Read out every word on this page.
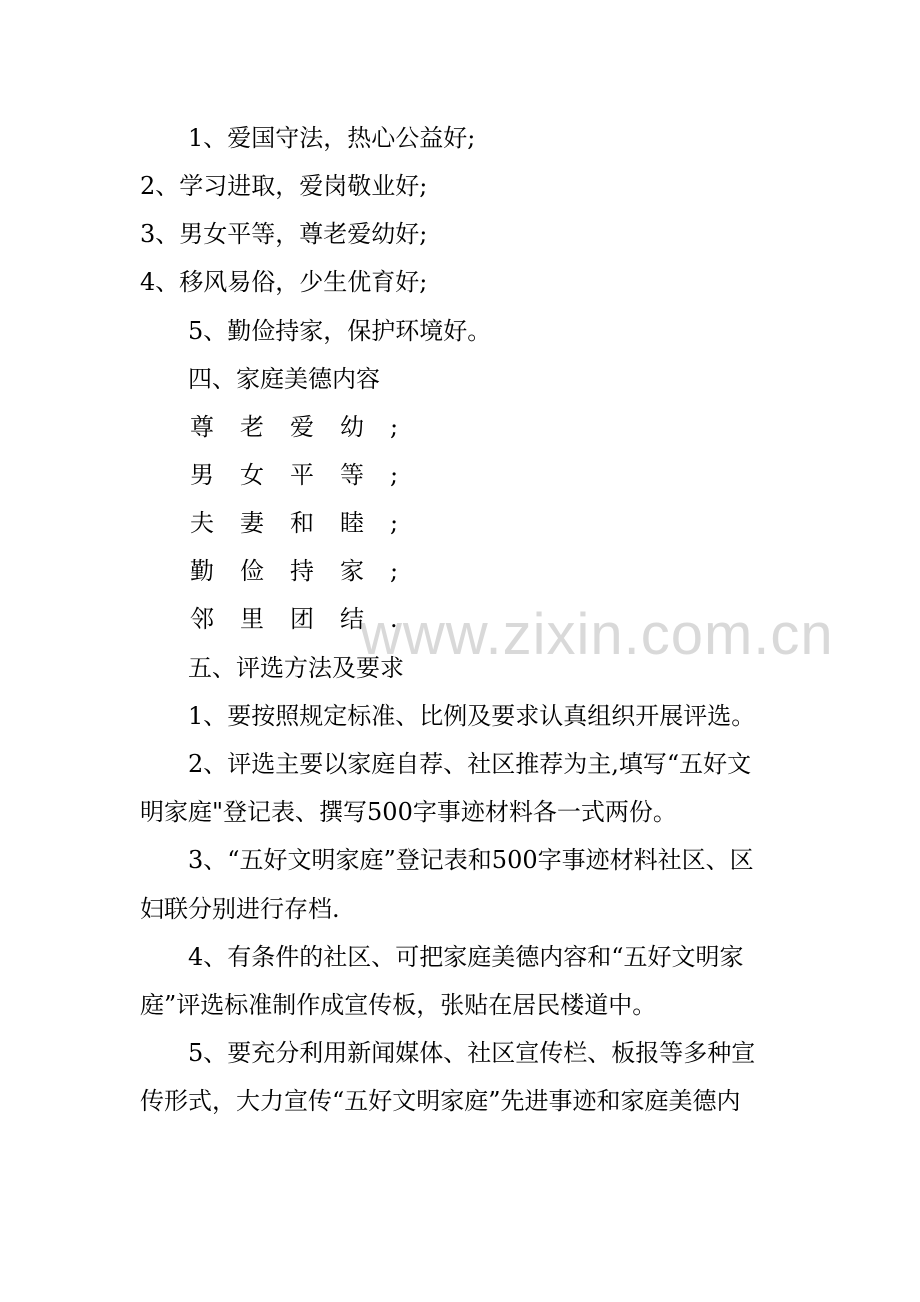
www.zixin.com.cn
1、爱国守法，热心公益好;
2、学习进取，爱岗敬业好;
3、男女平等，尊老爱幼好;
4、移风易俗，少生优育好;
5、勤俭持家，保护环境好。
四、家庭美德内容
尊老爱幼;
男女平等;
夫妻和睦;
勤俭持家;
邻里团结.
五、评选方法及要求
1、要按照规定标准、比例及要求认真组织开展评选。
2、评选主要以家庭自荐、社区推荐为主,填写“五好文
明家庭"登记表、撰写500字事迹材料各一式两份。
3、“五好文明家庭”登记表和500字事迹材料社区、区
妇联分别进行存档.
4、有条件的社区、可把家庭美德内容和“五好文明家
庭”评选标准制作成宣传板，张贴在居民楼道中。
5、要充分利用新闻媒体、社区宣传栏、板报等多种宣
传形式，大力宣传“五好文明家庭”先进事迹和家庭美德内
